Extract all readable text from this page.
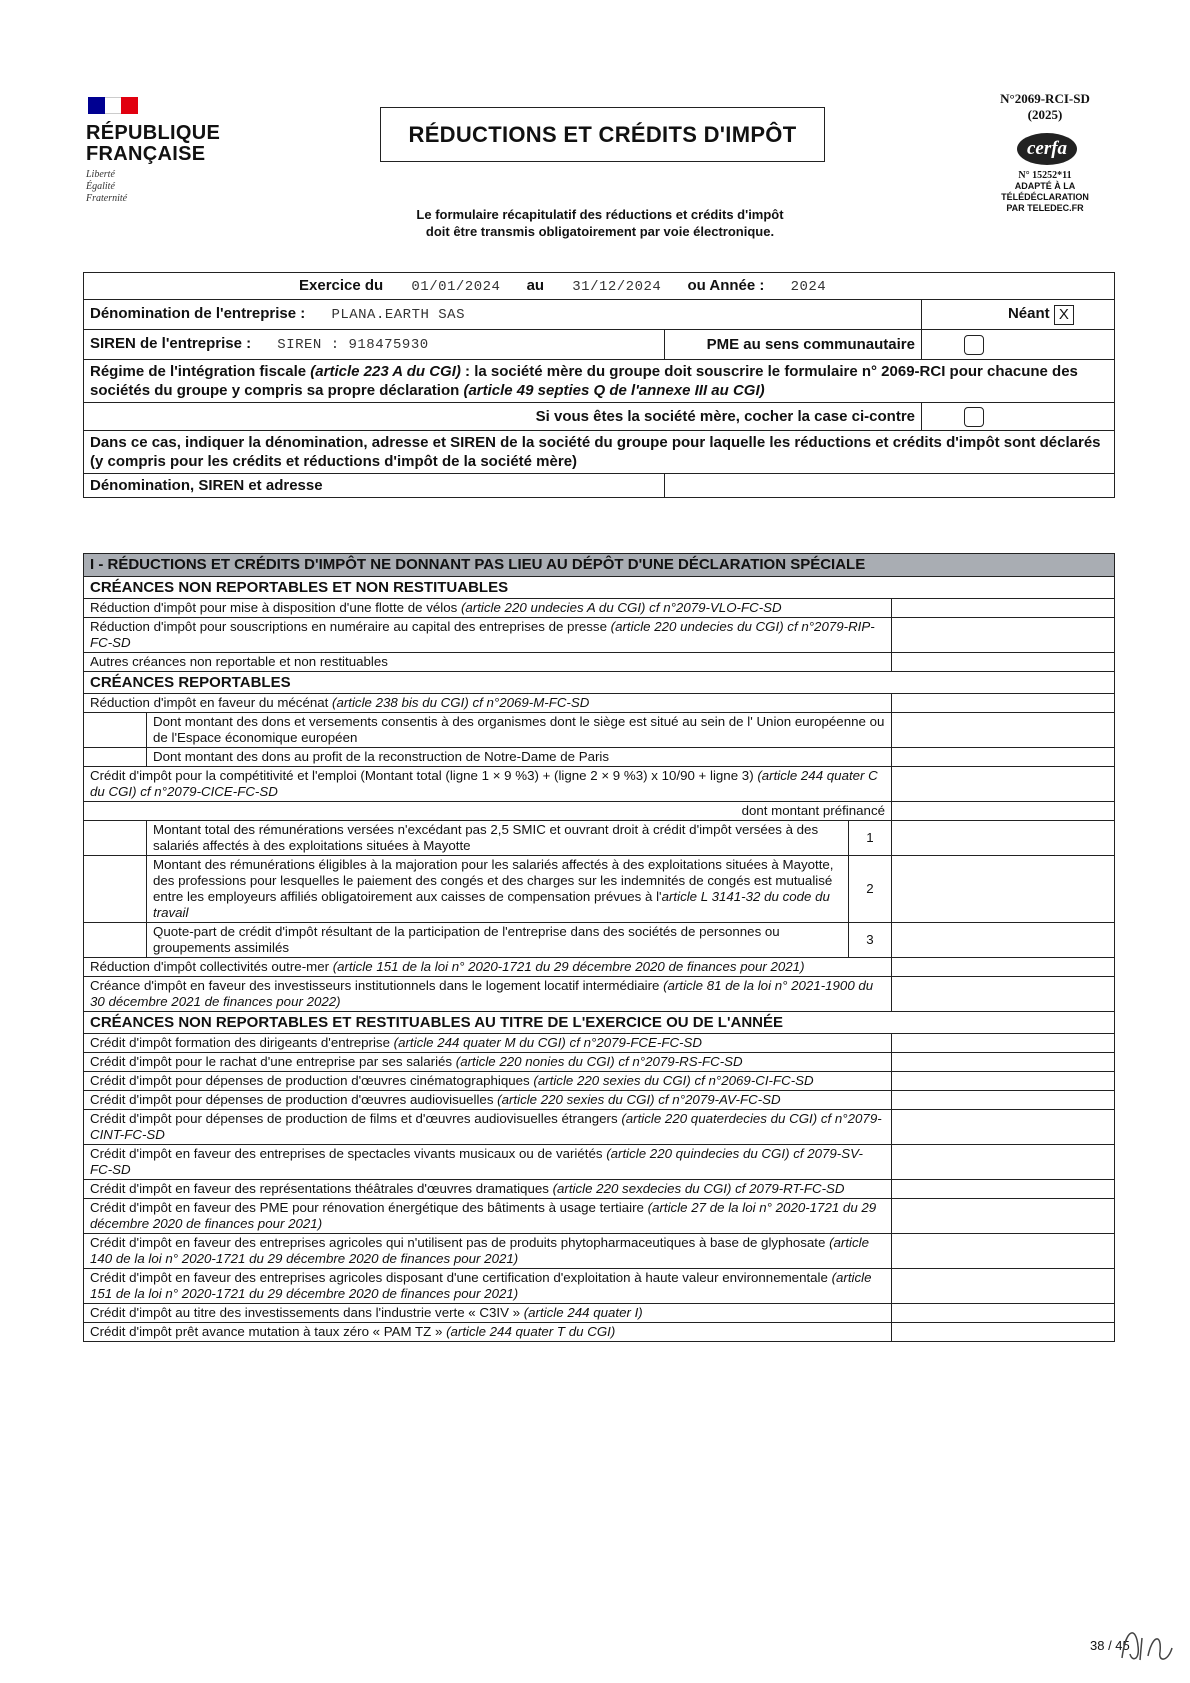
RÉPUBLIQUE
FRANÇAISE
Liberté
Égalité
Fraternité
RÉDUCTIONS ET CRÉDITS D'IMPÔT
Le formulaire récapitulatif des réductions et crédits d'impôt
doit être transmis obligatoirement par voie électronique.
N°2069-RCI-SD
(2025)
cerfa
N° 15252*11
ADAPTÉ À LA
TÉLÉDÉCLARATION
PAR TELEDEC.FR
Exercice du 01/01/2024 au 31/12/2024 ou Année : 2024		
Dénomination de l'entreprise : PLANA.EARTH SAS		Néant X
SIREN de l'entreprise : SIREN : 918475930	PME au sens communautaire	
Régime de l'intégration fiscale (article 223 A du CGI) : la société mère du groupe doit souscrire le formulaire n° 2069-RCI pour chacune des sociétés du groupe y compris sa propre déclaration (article 49 septies Q de l'annexe III au CGI)		
Si vous êtes la société mère, cocher la case ci-contre		
Dans ce cas, indiquer la dénomination, adresse et SIREN de la société du groupe pour laquelle les réductions et crédits d'impôt sont déclarés (y compris pour les crédits et réductions d'impôt de la société mère)		
Dénomination, SIREN et adresse		
I - RÉDUCTIONS ET CRÉDITS D'IMPÔT NE DONNANT PAS LIEU AU DÉPÔT D'UNE DÉCLARATION SPÉCIALE			
CRÉANCES NON REPORTABLES ET NON RESTITUABLES			
Réduction d'impôt pour mise à disposition d'une flotte de vélos (article 220 undecies A du CGI) cf n°2079-VLO-FC-SD			
Réduction d'impôt pour souscriptions en numéraire au capital des entreprises de presse (article 220 undecies du CGI) cf n°2079-RIP-FC-SD			
Autres créances non reportable et non restituables			
CRÉANCES REPORTABLES			
Réduction d'impôt en faveur du mécénat (article 238 bis du CGI) cf n°2069-M-FC-SD			
	Dont montant des dons et versements consentis à des organismes dont le siège est situé au sein de l' Union européenne ou de l'Espace économique européen		
	Dont montant des dons au profit de la reconstruction de Notre-Dame de Paris		
Crédit d'impôt pour la compétitivité et l'emploi (Montant total (ligne 1 × 9 %3) + (ligne 2 × 9 %3) x 10/90 + ligne 3) (article 244 quater C du CGI) cf n°2079-CICE-FC-SD			
dont montant préfinancé			
	Montant total des rémunérations versées n'excédant pas 2,5 SMIC et ouvrant droit à crédit d'impôt versées à des salariés affectés à des exploitations situées à Mayotte	1	
	Montant des rémunérations éligibles à la majoration pour les salariés affectés à des exploitations situées à Mayotte, des professions pour lesquelles le paiement des congés et des charges sur les indemnités de congés est mutualisé entre les employeurs affiliés obligatoirement aux caisses de compensation prévues à l'article L 3141-32 du code du travail	2	
	Quote-part de crédit d'impôt résultant de la participation de l'entreprise dans des sociétés de personnes ou groupements assimilés	3	
Réduction d'impôt collectivités outre-mer (article 151 de la loi n° 2020-1721 du 29 décembre 2020 de finances pour 2021)			
Créance d'impôt en faveur des investisseurs institutionnels dans le logement locatif intermédiaire (article 81 de la loi n° 2021-1900 du 30 décembre 2021 de finances pour 2022)			
CRÉANCES NON REPORTABLES ET RESTITUABLES AU TITRE DE L'EXERCICE OU DE L'ANNÉE			
Crédit d'impôt formation des dirigeants d'entreprise (article 244 quater M du CGI) cf n°2079-FCE-FC-SD			
Crédit d'impôt pour le rachat d'une entreprise par ses salariés (article 220 nonies du CGI) cf n°2079-RS-FC-SD			
Crédit d'impôt pour dépenses de production d'œuvres cinématographiques (article 220 sexies du CGI) cf n°2069-CI-FC-SD			
Crédit d'impôt pour dépenses de production d'œuvres audiovisuelles (article 220 sexies du CGI) cf n°2079-AV-FC-SD			
Crédit d'impôt pour dépenses de production de films et d'œuvres audiovisuelles étrangers (article 220 quaterdecies du CGI) cf n°2079-CINT-FC-SD			
Crédit d'impôt en faveur des entreprises de spectacles vivants musicaux ou de variétés (article 220 quindecies du CGI) cf 2079-SV-FC-SD			
Crédit d'impôt en faveur des représentations théâtrales d'œuvres dramatiques (article 220 sexdecies du CGI) cf 2079-RT-FC-SD			
Crédit d'impôt en faveur des PME pour rénovation énergétique des bâtiments à usage tertiaire (article 27 de la loi n° 2020-1721 du 29 décembre 2020 de finances pour 2021)			
Crédit d'impôt en faveur des entreprises agricoles qui n'utilisent pas de produits phytopharmaceutiques à base de glyphosate (article 140 de la loi n° 2020-1721 du 29 décembre 2020 de finances pour 2021)			
Crédit d'impôt en faveur des entreprises agricoles disposant d'une certification d'exploitation à haute valeur environnementale (article 151 de la loi n° 2020-1721 du 29 décembre 2020 de finances pour 2021)			
Crédit d'impôt au titre des investissements dans l'industrie verte « C3IV » (article 244 quater I)			
Crédit d'impôt prêt avance mutation à taux zéro « PAM TZ » (article 244 quater T du CGI)			
38 / 45
